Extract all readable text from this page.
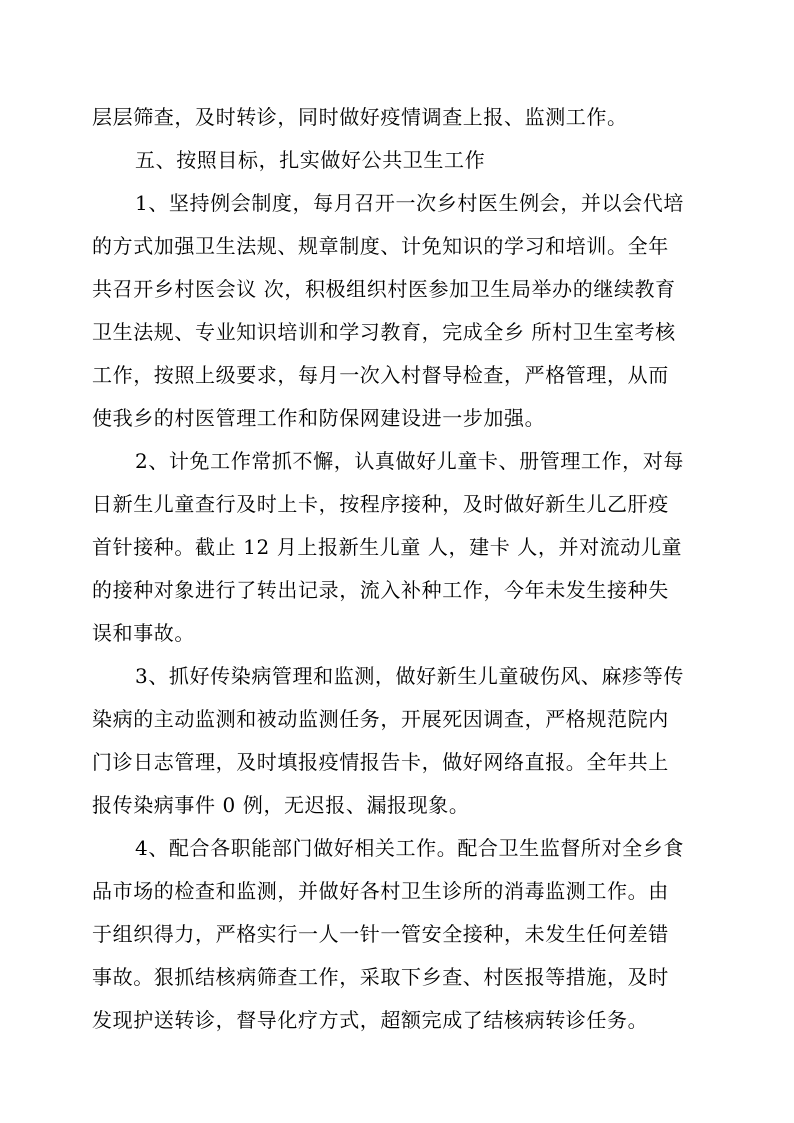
层层筛查，及时转诊，同时做好疫情调查上报、监测工作。

五、按照目标，扎实做好公共卫生工作

1、坚持例会制度，每月召开一次乡村医生例会，并以会代培

的方式加强卫生法规、规章制度、计免知识的学习和培训。全年

共召开乡村医会议 次，积极组织村医参加卫生局举办的继续教育

卫生法规、专业知识培训和学习教育，完成全乡 所村卫生室考核

工作，按照上级要求，每月一次入村督导检查，严格管理，从而

使我乡的村医管理工作和防保网建设进一步加强。

2、计免工作常抓不懈，认真做好儿童卡、册管理工作，对每

日新生儿童查行及时上卡，按程序接种，及时做好新生儿乙肝疫

首针接种。截止 12 月上报新生儿童 人，建卡 人，并对流动儿童

的接种对象进行了转出记录，流入补种工作，今年未发生接种失

误和事故。

3、抓好传染病管理和监测，做好新生儿童破伤风、麻疹等传

染病的主动监测和被动监测任务，开展死因调查，严格规范院内

门诊日志管理，及时填报疫情报告卡，做好网络直报。全年共上

报传染病事件 0 例，无迟报、漏报现象。

4、配合各职能部门做好相关工作。配合卫生监督所对全乡食

品市场的检查和监测，并做好各村卫生诊所的消毒监测工作。由

于组织得力，严格实行一人一针一管安全接种，未发生任何差错

事故。狠抓结核病筛查工作，采取下乡查、村医报等措施，及时

发现护送转诊，督导化疗方式，超额完成了结核病转诊任务。
